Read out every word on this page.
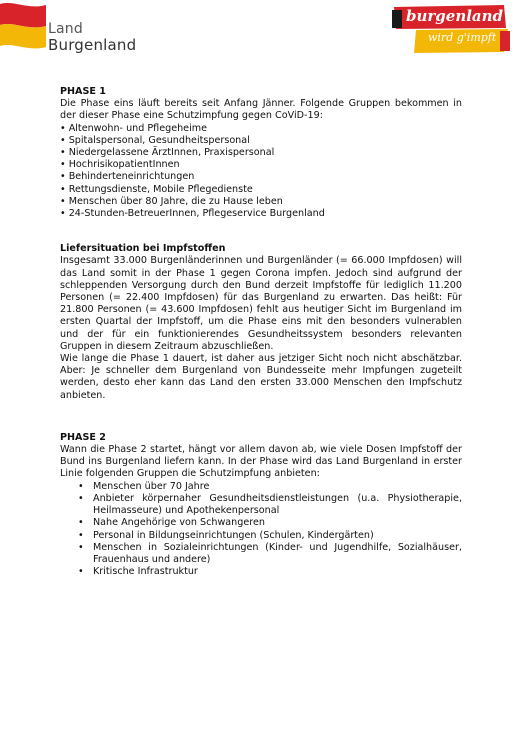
Land
Burgenland
burgenland
wird g'impft

PHASE 1

Die Phase eins läuft bereits seit Anfang Jänner. Folgende Gruppen bekommen in der dieser Phase eine Schutzimpfung gegen CoViD-19:

• Altenwohn- und Pflegeheime
• Spitalspersonal, Gesundheitspersonal
• Niedergelassene ÄrztInnen, Praxispersonal
• HochrisikopatientInnen
• Behinderteneinrichtungen
• Rettungsdienste, Mobile Pflegedienste
• Menschen über 80 Jahre, die zu Hause leben
• 24-Stunden-BetreuerInnen, Pflegeservice Burgenland

Liefersituation bei Impfstoffen

Insgesamt 33.000 Burgenländerinnen und Burgenländer (= 66.000 Impfdosen) will das Land somit in der Phase 1 gegen Corona impfen. Jedoch sind aufgrund der schleppenden Versorgung durch den Bund derzeit Impfstoffe für lediglich 11.200 Personen (= 22.400 Impfdosen) für das Burgenland zu erwarten. Das heißt: Für 21.800 Personen (= 43.600 Impfdosen) fehlt aus heutiger Sicht im Burgenland im ersten Quartal der Impfstoff, um die Phase eins mit den besonders vulnerablen und der für ein funktionierendes Gesundheitssystem besonders relevanten Gruppen in diesem Zeitraum abzuschließen.

Wie lange die Phase 1 dauert, ist daher aus jetziger Sicht noch nicht abschätzbar. Aber: Je schneller dem Burgenland von Bundesseite mehr Impfungen zugeteilt werden, desto eher kann das Land den ersten 33.000 Menschen den Impfschutz anbieten.

PHASE 2

Wann die Phase 2 startet, hängt vor allem davon ab, wie viele Dosen Impfstoff der Bund ins Burgenland liefern kann. In der Phase wird das Land Burgenland in erster Linie folgenden Gruppen die Schutzimpfung anbieten:

• Menschen über 70 Jahre
• Anbieter körpernaher Gesundheitsdienstleistungen (u.a. Physiotherapie, Heilmasseure) und Apothekenpersonal
• Nahe Angehörige von Schwangeren
• Personal in Bildungseinrichtungen (Schulen, Kindergärten)
• Menschen in Sozialeinrichtungen (Kinder- und Jugendhilfe, Sozialhäuser, Frauenhaus und andere)
• Kritische Infrastruktur
